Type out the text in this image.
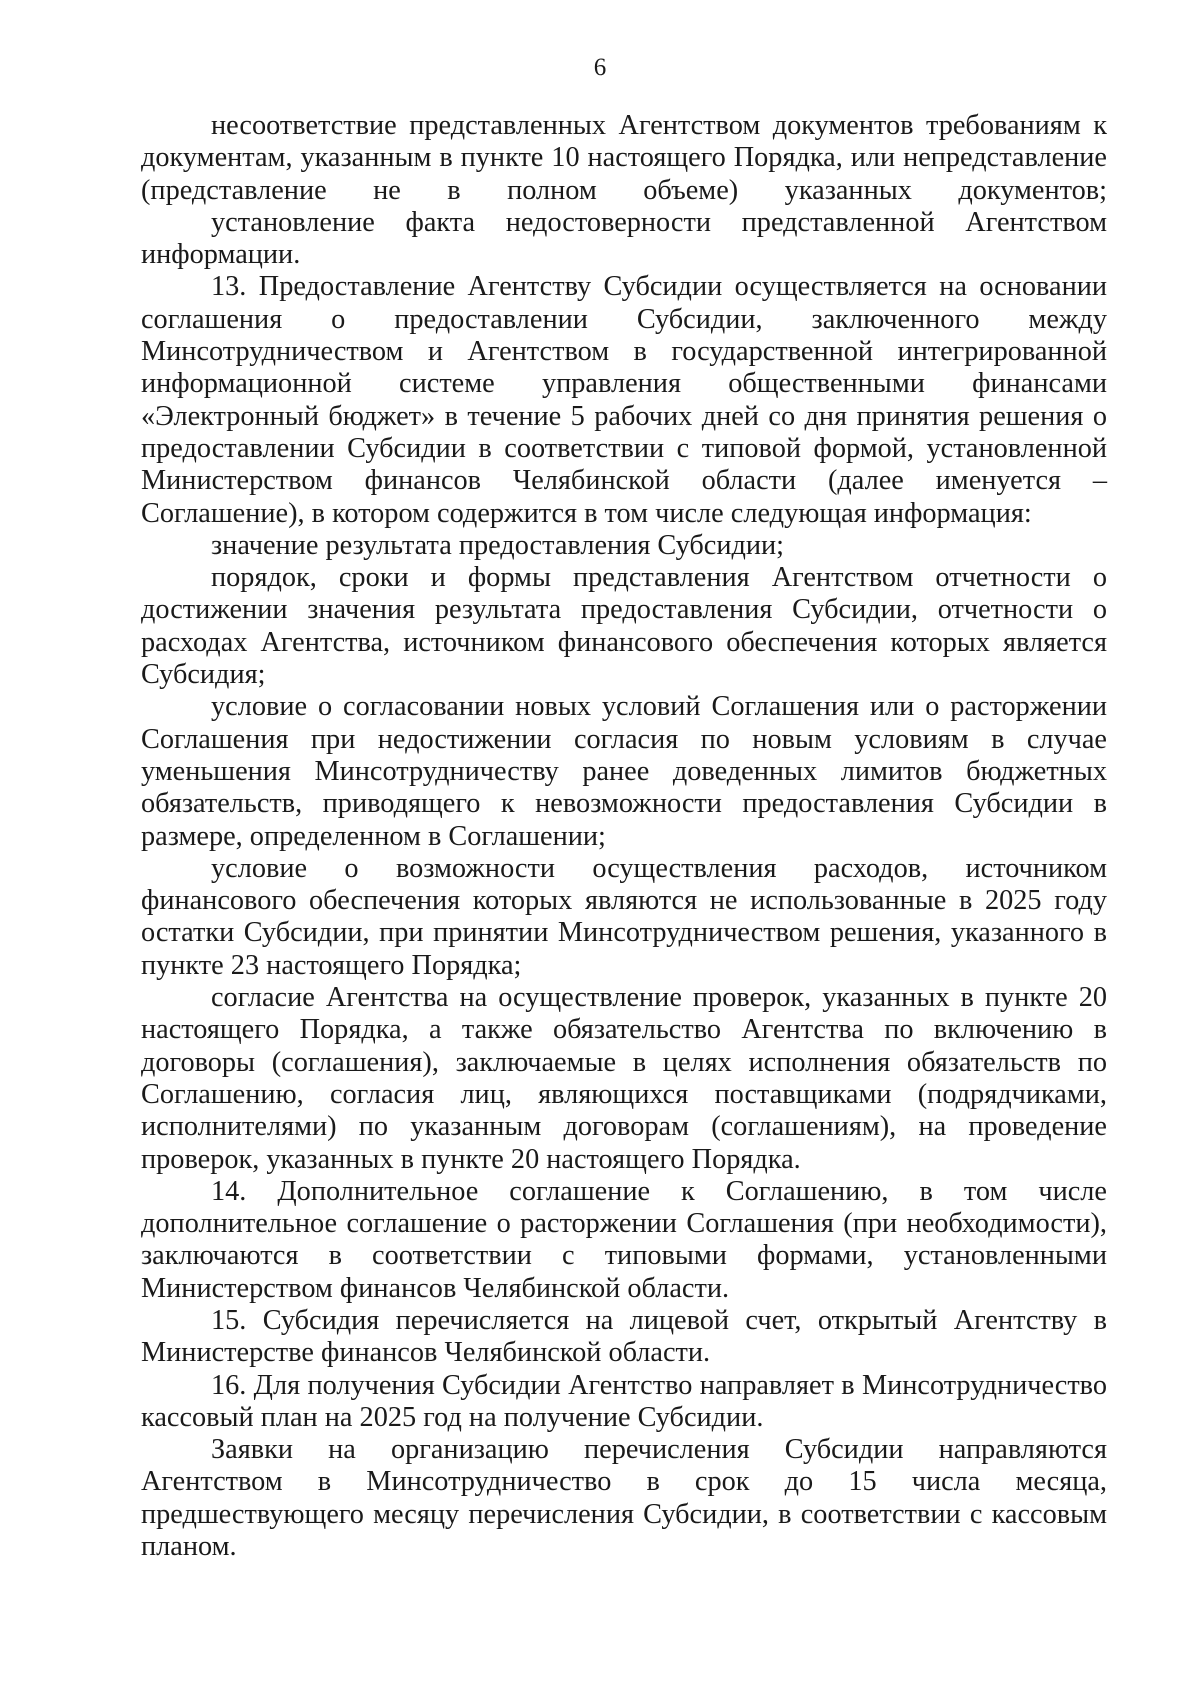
6

несоответствие представленных Агентством документов требованиям к документам, указанным в пункте 10 настоящего Порядка, или непредставление (представление не в полном объеме) указанных документов;

установление факта недостоверности представленной Агентством информации.

13. Предоставление Агентству Субсидии осуществляется на основании соглашения о предоставлении Субсидии, заключенного между Минсотрудничеством и Агентством в государственной интегрированной информационной системе управления общественными финансами «Электронный бюджет» в течение 5 рабочих дней со дня принятия решения о предоставлении Субсидии в соответствии с типовой формой, установленной Министерством финансов Челябинской области (далее именуется – Соглашение), в котором содержится в том числе следующая информация:

значение результата предоставления Субсидии;

порядок, сроки и формы представления Агентством отчетности о достижении значения результата предоставления Субсидии, отчетности о расходах Агентства, источником финансового обеспечения которых является Субсидия;

условие о согласовании новых условий Соглашения или о расторжении Соглашения при недостижении согласия по новым условиям в случае уменьшения Минсотрудничеству ранее доведенных лимитов бюджетных обязательств, приводящего к невозможности предоставления Субсидии в размере, определенном в Соглашении;

условие о возможности осуществления расходов, источником финансового обеспечения которых являются не использованные в 2025 году остатки Субсидии, при принятии Минсотрудничеством решения, указанного в пункте 23 настоящего Порядка;

согласие Агентства на осуществление проверок, указанных в пункте 20 настоящего Порядка, а также обязательство Агентства по включению в договоры (соглашения), заключаемые в целях исполнения обязательств по Соглашению, согласия лиц, являющихся поставщиками (подрядчиками, исполнителями) по указанным договорам (соглашениям), на проведение проверок, указанных в пункте 20 настоящего Порядка.

14. Дополнительное соглашение к Соглашению, в том числе дополнительное соглашение о расторжении Соглашения (при необходимости), заключаются в соответствии с типовыми формами, установленными Министерством финансов Челябинской области.

15. Субсидия перечисляется на лицевой счет, открытый Агентству в Министерстве финансов Челябинской области.

16. Для получения Субсидии Агентство направляет в Минсотрудничество кассовый план на 2025 год на получение Субсидии.

Заявки на организацию перечисления Субсидии направляются Агентством в Минсотрудничество в срок до 15 числа месяца, предшествующего месяцу перечисления Субсидии, в соответствии с кассовым планом.
